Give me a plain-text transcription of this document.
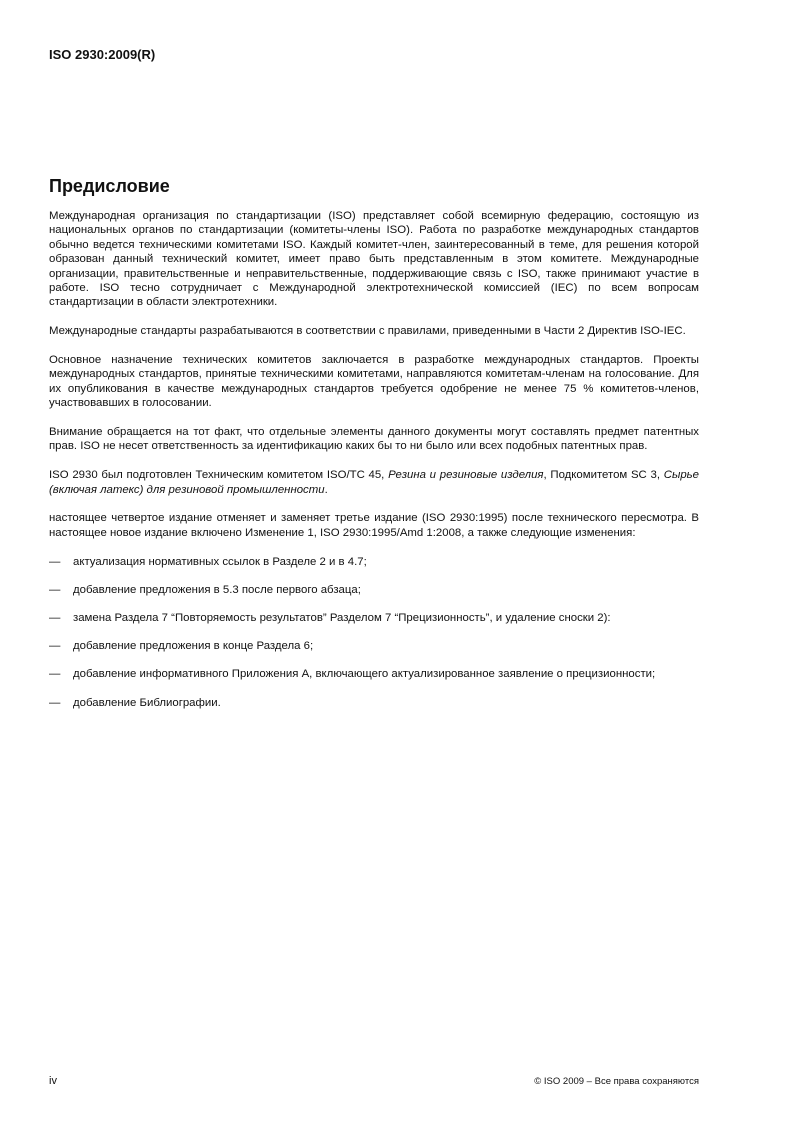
ISO 2930:2009(R)

Предисловие

Международная организация по стандартизации (ISO) представляет собой всемирную федерацию, состоящую из национальных органов по стандартизации (комитеты-члены ISO). Работа по разработке международных стандартов обычно ведется техническими комитетами ISO. Каждый комитет-член, заинтересованный в теме, для решения которой образован данный технический комитет, имеет право быть представленным в этом комитете. Международные организации, правительственные и неправительственные, поддерживающие связь с ISO, также принимают участие в работе. ISO тесно сотрудничает с Международной электротехнической комиссией (IEC) по всем вопросам стандартизации в области электротехники.

Международные стандарты разрабатываются в соответствии с правилами, приведенными в Части 2 Директив ISO-IEC.

Основное назначение технических комитетов заключается в разработке международных стандартов. Проекты международных стандартов, принятые техническими комитетами, направляются комитетам-членам на голосование. Для их опубликования в качестве международных стандартов требуется одобрение не менее 75 % комитетов-членов, участвовавших в голосовании.

Внимание обращается на тот факт, что отдельные элементы данного документы могут составлять предмет патентных прав. ISO не несет ответственность за идентификацию каких бы то ни было или всех подобных патентных прав.

ISO 2930 был подготовлен Техническим комитетом ISO/TC 45, Резина и резиновые изделия, Подкомитетом SC 3, Сырье (включая латекс) для резиновой промышленности.

настоящее четвертое издание отменяет и заменяет третье издание (ISO 2930:1995) после технического пересмотра. В настоящее новое издание включено Изменение 1, ISO 2930:1995/Amd 1:2008, а также следующие изменения:

— актуализация нормативных ссылок в Разделе 2 и в 4.7;
— добавление предложения в 5.3 после первого абзаца;
— замена Раздела 7 “Повторяемость результатов” Разделом 7 “Прецизионность”, и удаление сноски 2):
— добавление предложения в конце Раздела 6;
— добавление информативного Приложения А, включающего актуализированное заявление о прецизионности;
— добавление Библиографии.

iv	© ISO 2009 – Все права сохраняются
